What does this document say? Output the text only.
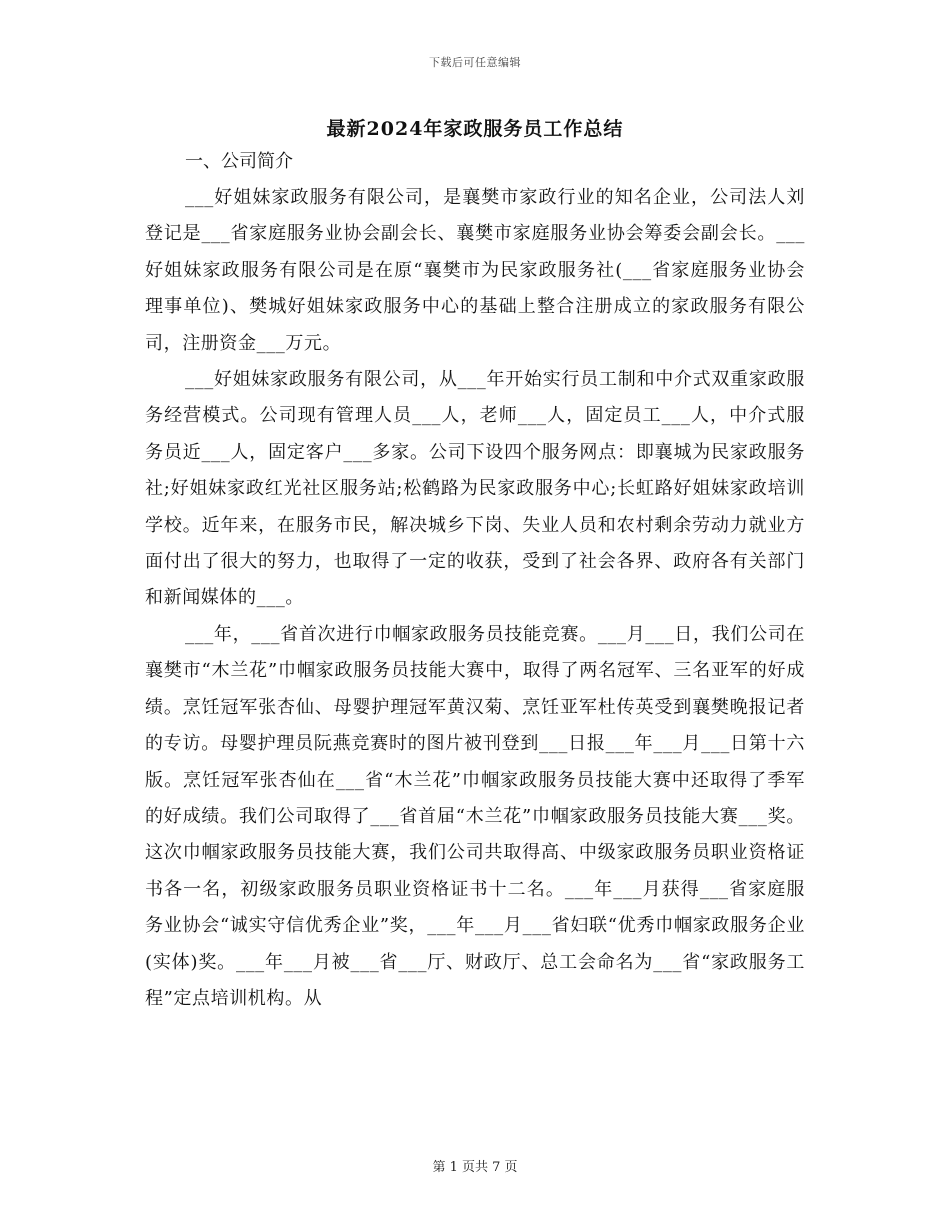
下载后可任意编辑
最新2024年家政服务员工作总结

一、公司简介

___好姐妹家政服务有限公司，是襄樊市家政行业的知名企业，公司法人刘登记是___省家庭服务业协会副会长、襄樊市家庭服务业协会筹委会副会长。___好姐妹家政服务有限公司是在原“襄樊市为民家政服务社(___省家庭服务业协会理事单位)、樊城好姐妹家政服务中心的基础上整合注册成立的家政服务有限公司，注册资金___万元。

___好姐妹家政服务有限公司，从___年开始实行员工制和中介式双重家政服务经营模式。公司现有管理人员___人，老师___人，固定员工___人，中介式服务员近___人，固定客户___多家。公司下设四个服务网点：即襄城为民家政服务社;好姐妹家政红光社区服务站;松鹤路为民家政服务中心;长虹路好姐妹家政培训学校。近年来，在服务市民，解决城乡下岗、失业人员和农村剩余劳动力就业方面付出了很大的努力，也取得了一定的收获，受到了社会各界、政府各有关部门和新闻媒体的___。

___年，___省首次进行巾帼家政服务员技能竞赛。___月___日，我们公司在襄樊市“木兰花”巾帼家政服务员技能大赛中，取得了两名冠军、三名亚军的好成绩。烹饪冠军张杏仙、母婴护理冠军黄汉菊、烹饪亚军杜传英受到襄樊晚报记者的专访。母婴护理员阮燕竞赛时的图片被刊登到___日报___年___月___日第十六版。烹饪冠军张杏仙在___省“木兰花”巾帼家政服务员技能大赛中还取得了季军的好成绩。我们公司取得了___省首届“木兰花”巾帼家政服务员技能大赛___奖。这次巾帼家政服务员技能大赛，我们公司共取得高、中级家政服务员职业资格证书各一名，初级家政服务员职业资格证书十二名。___年___月获得___省家庭服务业协会“诚实守信优秀企业”奖，___年___月___省妇联“优秀巾帼家政服务企业(实体)奖。___年___月被___省___厅、财政厅、总工会命名为___省“家政服务工程”定点培训机构。从

第 1 页共 7 页
